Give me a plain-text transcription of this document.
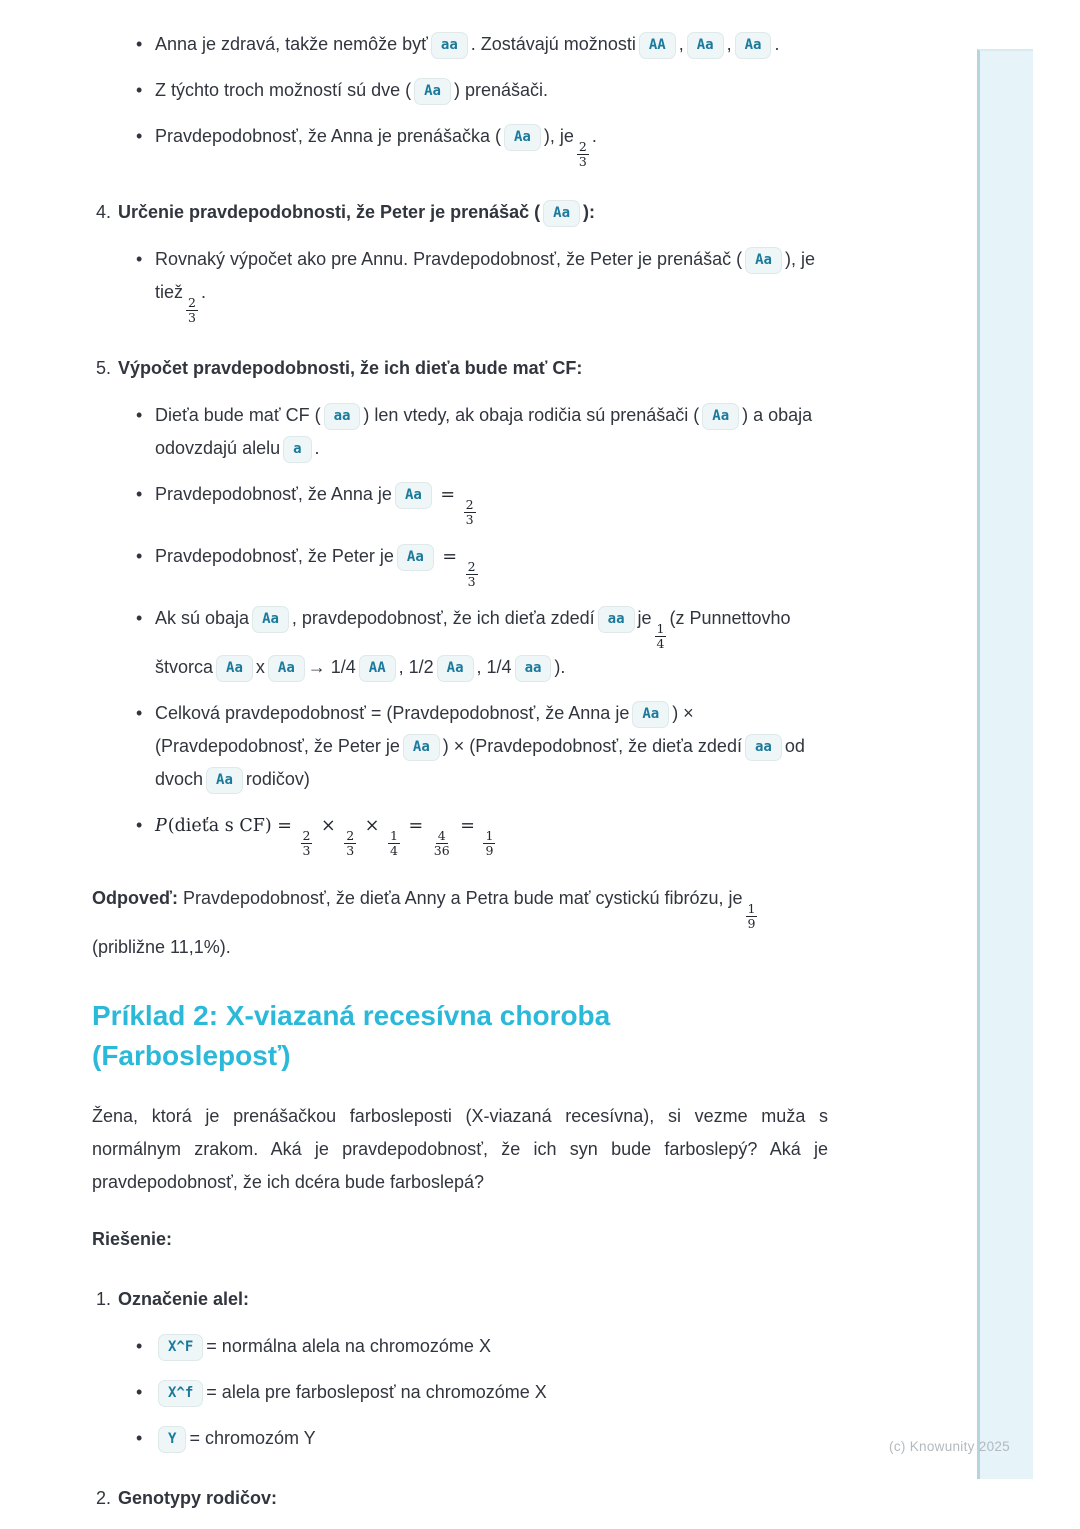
(c) Knowunity 2025
• Anna je zdravá, takže nemôže byť aa . Zostávajú možnosti AA , Aa , Aa .
• Z týchto troch možností sú dve ( Aa ) prenášači.
• Pravdepodobnosť, že Anna je prenášačka ( Aa ), je
$\frac{2}{3}$
.
4. Určenie pravdepodobnosti, že Peter je prenášač ( Aa ):
• Rovnaký výpočet ako pre Annu. Pravdepodobnosť, že Peter je prenášač ( Aa ), je tiež
$\frac{2}{3}$
.
5. Výpočet pravdepodobnosti, že ich dieťa bude mať CF:
• Dieťa bude mať CF ( aa ) len vtedy, ak obaja rodičia sú prenášači ( Aa ) a obaja odovzdajú alelu a .
• Pravdepodobnosť, že Anna je Aa =
$\frac{2}{3}$
• Pravdepodobnosť, že Peter je Aa =
$\frac{2}{3}$
• Ak sú obaja Aa , pravdepodobnosť, že ich dieťa zdedí aa je
$\frac{1}{4}$
(z Punnettovho štvorca Aa x Aa → 1/4 AA , 1/2 Aa , 1/4 aa ).
• Celková pravdepodobnosť = (Pravdepodobnosť, že Anna je Aa ) × (Pravdepodobnosť, že Peter je Aa ) × (Pravdepodobnosť, že dieťa zdedí aa od dvoch Aa rodičov)
• P(dieťa s CF) =
$\frac{2}{3}$
×
$\frac{2}{3}$
×
$\frac{1}{4}$
=
$\frac{4}{36}$
=
$\frac{1}{9}$

Odpoveď: Pravdepodobnosť, že dieťa Anny a Petra bude mať cystickú fibrózu, je
$\frac{1}{9}$
(približne 11,1%).

Príklad 2: X-viazaná recesívna choroba
(Farbosleposť)

Žena, ktorá je prenášačkou farbosleposti (X-viazaná recesívna), si vezme muža s normálnym zrakom. Aká je pravdepodobnosť, že ich syn bude farboslepý? Aká je pravdepodobnosť, že ich dcéra bude farboslepá?

Riešenie:

1. Označenie alel:
• X^F = normálna alela na chromozóme X
• X^f = alela pre farbosleposť na chromozóme X
• Y = chromozóm Y
2. Genotypy rodičov:
